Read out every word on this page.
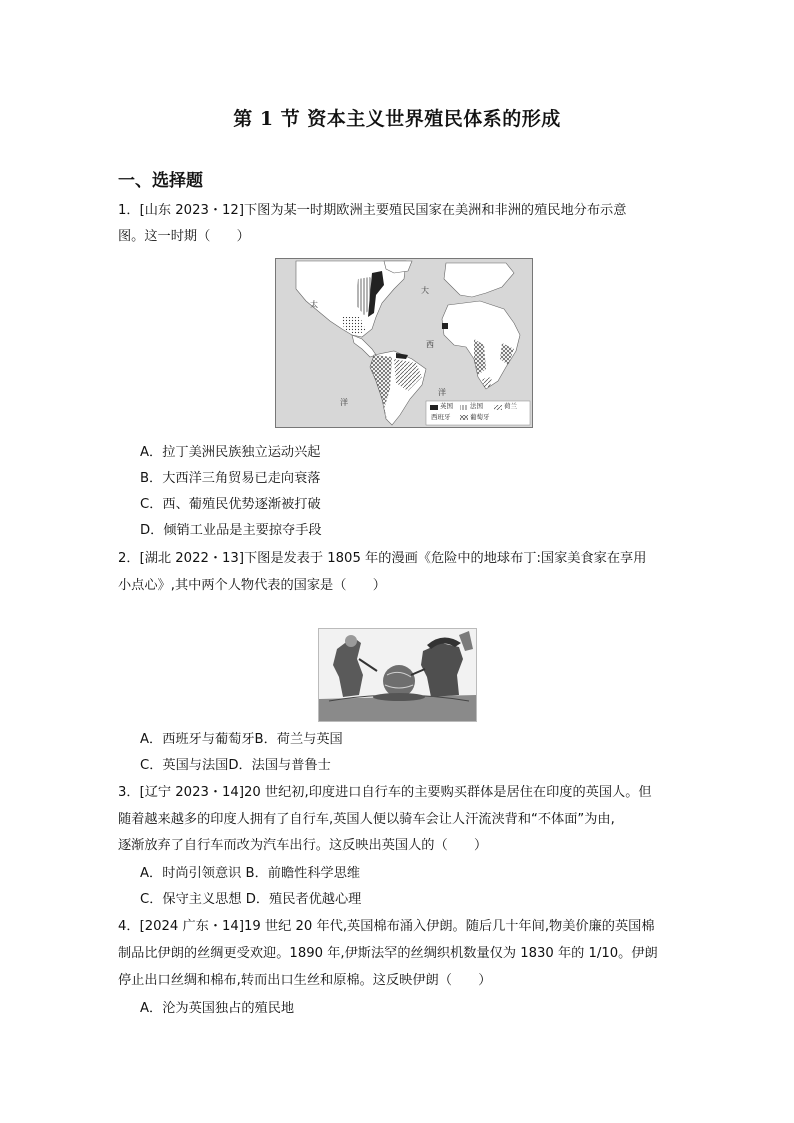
第 1 节 资本主义世界殖民体系的形成
一、选择题
1．[山东 2023・12]下图为某一时期欧洲主要殖民国家在美洲和非洲的殖民地分布示意
图。这一时期（　　）
太
大
西
洋
洋	英国	法国	荷兰
西班牙	葡萄牙
A．拉丁美洲民族独立运动兴起
B．大西洋三角贸易已走向衰落
C．西、葡殖民优势逐渐被打破
D．倾销工业品是主要掠夺手段
2．[湖北 2022・13]下图是发表于 1805 年的漫画《危险中的地球布丁:国家美食家在享用
小点心》,其中两个人物代表的国家是（　　）
A．西班牙与葡萄牙B．荷兰与英国
C．英国与法国D．法国与普鲁士
3．[辽宁 2023・14]20 世纪初,印度进口自行车的主要购买群体是居住在印度的英国人。但
随着越来越多的印度人拥有了自行车,英国人便以骑车会让人汗流浃背和“不体面”为由,
逐渐放弃了自行车而改为汽车出行。这反映出英国人的（　　）
A．时尚引领意识 B．前瞻性科学思维
C．保守主义思想 D．殖民者优越心理
4．[2024 广东・14]19 世纪 20 年代,英国棉布涌入伊朗。随后几十年间,物美价廉的英国棉
制品比伊朗的丝绸更受欢迎。1890 年,伊斯法罕的丝绸织机数量仅为 1830 年的 1/10。伊朗
停止出口丝绸和棉布,转而出口生丝和原棉。这反映伊朗（　　）
A．沦为英国独占的殖民地
